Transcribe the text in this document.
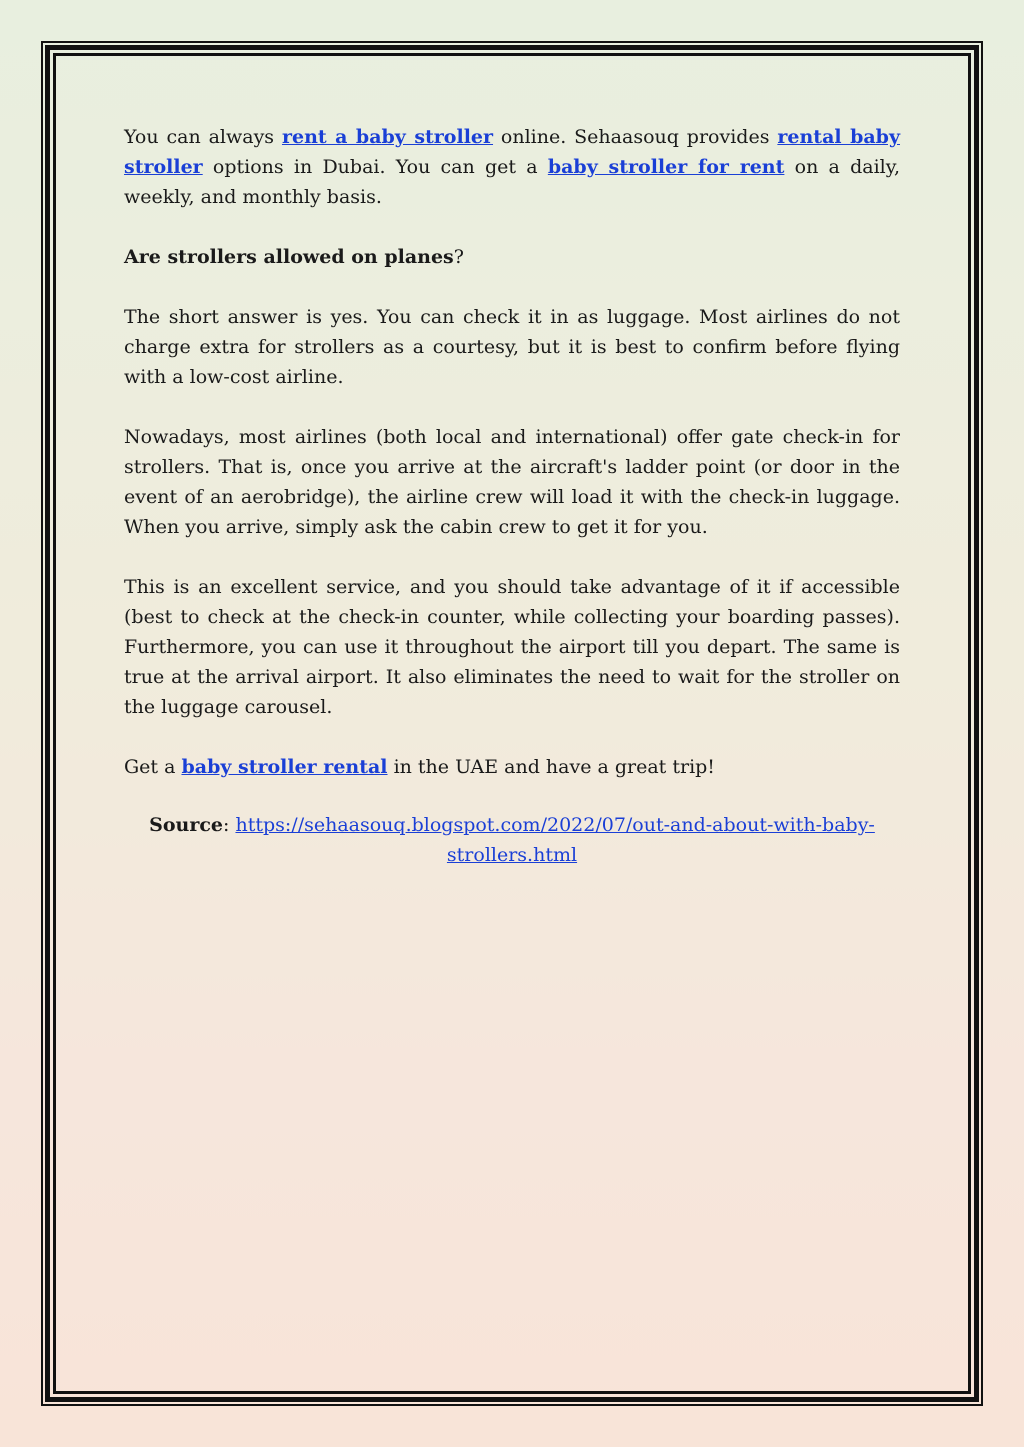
You can always rent a baby stroller online. Sehaasouq provides rental baby stroller options in Dubai. You can get a baby stroller for rent on a daily, weekly, and monthly basis.

Are strollers allowed on planes?

The short answer is yes. You can check it in as luggage. Most airlines do not charge extra for strollers as a courtesy, but it is best to confirm before flying with a low-cost airline.

Nowadays, most airlines (both local and international) offer gate check-in for strollers. That is, once you arrive at the aircraft's ladder point (or door in the event of an aerobridge), the airline crew will load it with the check-in luggage. When you arrive, simply ask the cabin crew to get it for you.

This is an excellent service, and you should take advantage of it if accessible (best to check at the check-in counter, while collecting your boarding passes). Furthermore, you can use it throughout the airport till you depart. The same is true at the arrival airport. It also eliminates the need to wait for the stroller on the luggage carousel.

Get a baby stroller rental in the UAE and have a great trip!

Source: https://sehaasouq.blogspot.com/2022/07/out-and-about-with-baby-strollers.html
